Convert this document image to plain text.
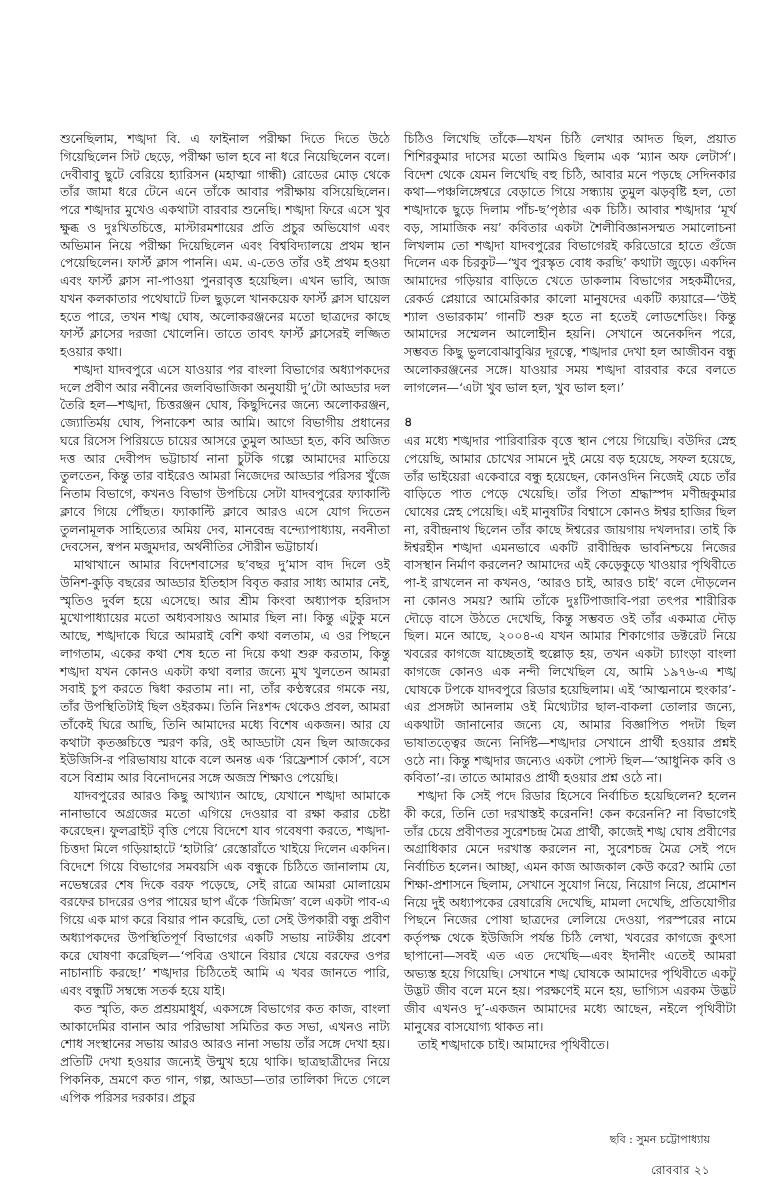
শুনেছিলাম, শঙ্খদা বি. এ ফাইনাল পরীক্ষা দিতে দিতে উঠে গিয়েছিলেন সিট ছেড়ে, পরীক্ষা ভাল হবে না ধরে নিয়েছিলেন বলে। দেবীবাবু ছুটে বেরিয়ে হ্যারিসন (মহাত্মা গান্ধী) রোডের মোড় থেকে তাঁর জামা ধরে টেনে এনে তাঁকে আবার পরীক্ষায় বসিয়েছিলেন। পরে শঙ্খদার মুখেও একথাটা বারবার শুনেছি। শঙ্খদা ফিরে এসে খুব ক্ষুব্ধ ও দুঃখিতচিত্তে, মাস্টারমশায়ের প্রতি প্রচুর অভিযোগ এবং অভিমান নিয়ে পরীক্ষা দিয়েছিলেন এবং বিশ্ববিদ্যালয়ে প্রথম স্থান পেয়েছিলেন। ফার্স্ট ক্লাস পাননি। এম. এ-তেও তাঁর ওই প্রথম হওয়া এবং ফার্স্ট ক্লাস না-পাওয়া পুনরাবৃত্ত হয়েছিল। এখন ভাবি, আজ যখন কলকাতার পথেঘাটে ঢিল ছুড়লে খানকয়েক ফার্স্ট ক্লাস ঘায়েল হতে পারে, তখন শঙ্খ ঘোষ, অলোকরঞ্জনের মতো ছাত্রদের কাছে ফার্স্ট ক্লাসের দরজা খোলেনি। তাতে তাবৎ ফার্স্ট ক্লাসেরই লজ্জিত হওয়ার কথা।

শঙ্খদা যাদবপুরে এসে যাওয়ার পর বাংলা বিভাগের অধ্যাপকদের দলে প্রবীণ আর নবীনের জলবিভাজিকা অনুযায়ী দু’টো আড্ডার দল তৈরি হল—শঙ্খদা, চিত্তরঞ্জন ঘোষ, কিছুদিনের জন্যে অলোকরঞ্জন, জ্যোতির্ময় ঘোষ, পিনাকেশ আর আমি। আগে বিভাগীয় প্রধানের ঘরে রিসেস পিরিয়ডে চায়ের আসরে তুমুল আড্ডা হত, কবি অজিত দত্ত আর দেবীপদ ভট্টাচার্য নানা চুটকি গল্পে আমাদের মাতিয়ে তুলতেন, কিন্তু তার বাইরেও আমরা নিজেদের আড্ডার পরিসর খুঁজে নিতাম বিভাগে, কখনও বিভাগ উপচিয়ে সেটা যাদবপুরের ফ্যাকাল্টি ক্লাবে গিয়ে পৌঁছত। ফ্যাকাল্টি ক্লাবে আরও এসে যোগ দিতেন তুলনামূলক সাহিত্যের অমিয় দেব, মানবেন্দ্র বন্দ্যোপাধ্যায়, নবনীতা দেবসেন, স্বপন মজুমদার, অর্থনীতির সৌরীন ভট্টাচার্য।

মাথাখানে আমার বিদেশবাসের ছ’বছর দু’মাস বাদ দিলে ওই উনিশ-কুড়ি বছরের আড্ডার ইতিহাস বিবৃত করার সাধ্য আমার নেই, স্মৃতিও দুর্বল হয়ে এসেছে। আর শ্রীম কিংবা অধ্যাপক হরিদাস মুখোপাধ্যায়ের মতো অধ্যবসায়ও আমার ছিল না। কিন্তু এটুকু মনে আছে, শঙ্খদাকে ঘিরে আমরাই বেশি কথা বলতাম, এ ওর পিছনে লাগতাম, একের কথা শেষ হতে না দিয়ে কথা শুরু করতাম, কিন্তু শঙ্খদা যখন কোনও একটা কথা বলার জন্যে মুখ খুলতেন আমরা সবাই চুপ করতে দ্বিধা করতাম না। না, তাঁর কণ্ঠস্বরের গমকে নয়, তাঁর উপস্থিতিটাই ছিল ওইরকম। তিনি নিঃশব্দ থেকেও প্রবল, আমরা তাঁকেই ঘিরে আছি, তিনি আমাদের মধ্যে বিশেষ একজন। আর যে কথাটা কৃতজ্ঞচিত্তে স্মরণ করি, ওই আড্ডাটা যেন ছিল আজকের ইউজিসি-র পরিভাষায় যাকে বলে অনন্ত এক ‘রিফ্রেশার্স কোর্স’, বসে বসে বিশ্রাম আর বিনোদনের সঙ্গে অজস্র শিক্ষাও পেয়েছি।

যাদবপুরের আরও কিছু আখ্যান আছে, যেখানে শঙ্খদা আমাকে নানাভাবে অগ্রজের মতো এগিয়ে দেওয়ার বা রক্ষা করার চেষ্টা করেছেন। ফুলব্রাইট বৃত্তি পেয়ে বিদেশে যাব গবেষণা করতে, শঙ্খদা-চিত্তদা মিলে গড়িয়াহাটে ‘হাটারি’ রেস্তোরাঁতে খাইয়ে দিলেন একদিন। বিদেশে গিয়ে বিভাগের সমবয়সি এক বন্ধুকে চিঠিতে জানালাম যে, নভেম্বরের শেষ দিকে বরফ পড়েছে, সেই রাত্রে আমরা মোলায়েম বরফের চাদরের ওপর পায়ের ছাপ এঁকে ‘জিমিজ’ বলে একটা পাব-এ গিয়ে এক মাগ করে বিয়ার পান করেছি, তো সেই উপকারী বন্ধু প্রবীণ অধ্যাপকদের উপস্থিতিপূর্ণ বিভাগের একটি সভায় নাটকীয় প্রবেশ করে ঘোষণা করেছিল—‘পবিত্র ওখানে বিয়ার খেয়ে বরফের ওপর নাচানাচি করছে!’ শঙ্খদার চিঠিতেই আমি এ খবর জানতে পারি, এবং বন্ধুটি সম্বন্ধে সতর্ক হয়ে যাই।

কত স্মৃতি, কত প্রশ্রয়মাধুর্য, একসঙ্গে বিভাগের কত কাজ, বাংলা আকাদেমির বানান আর পরিভাষা সমিতির কত সভা, এখনও নাট্য শোধ সংস্থানের সভায় আরও আরও নানা সভায় তাঁর সঙ্গে দেখা হয়। প্রতিটি দেখা হওয়ার জন্যেই উন্মুখ হয়ে থাকি। ছাত্রছাত্রীদের নিয়ে পিকনিক, ভ্রমণে কত গান, গল্প, আড্ডা—তার তালিকা দিতে গেলে এপিক পরিসর দরকার। প্রচুর

চিঠিও লিখেছি তাঁকে—যখন চিঠি লেখার আদত ছিল, প্রয়াত শিশিরকুমার দাসের মতো আমিও ছিলাম এক ‘ম্যান অফ লেটার্স’। বিদেশ থেকে যেমন লিখেছি বহু চিঠি, আবার মনে পড়ছে সেদিনকার কথা—পঞ্চলিঙ্গেশ্বরে বেড়াতে গিয়ে সন্ধ্যায় তুমুল ঝড়বৃষ্টি হল, তো শঙ্খদাকে ছুড়ে দিলাম পাঁচ-ছ’পৃষ্ঠার এক চিঠি। আবার শঙ্খদার ‘মূর্খ বড়, সামাজিক নয়’ কবিতার একটা শৈলীবিজ্ঞানসম্মত সমালোচনা লিখলাম তো শঙ্খদা যাদবপুরের বিভাগেরই করিডোরে হাতে গুঁজে দিলেন এক চিরকুট—‘খুব পুরস্কৃত বোধ করছি’ কথাটা জুড়ে। একদিন আমাদের গড়িয়ার বাড়িতে খেতে ডাকলাম বিভাগের সহকর্মীদের, রেকর্ড প্লেয়ারে আমেরিকার কালো মানুষদের একটি ক্যয়ারে—‘উই শ্যাল ওভারকাম’ গানটি শুরু হতে না হতেই লোডশেডিং। কিন্তু আমাদের সম্মেলন আলোহীন হয়নি। সেখানে অনেকদিন পরে, সম্ভবত কিছু ভুলবোঝাবুঝির দূরত্বে, শঙ্খদার দেখা হল আজীবন বন্ধু অলোকরঞ্জনের সঙ্গে। যাওয়ার সময় শঙ্খদা বারবার করে বলতে লাগলেন—‘এটা খুব ভাল হল, খুব ভাল হল।’

৪

এর মধ্যে শঙ্খদার পারিবারিক বৃত্তে স্থান পেয়ে গিয়েছি। বউদির স্নেহ পেয়েছি, আমার চোখের সামনে দুই মেয়ে বড় হয়েছে, সফল হয়েছে, তাঁর ভাইয়েরা একেবারে বন্ধু হয়েছেন, কোনওদিন নিজেই যেচে তাঁর বাড়িতে পাত পেড়ে খেয়েছি। তাঁর পিতা শ্রদ্ধাস্পদ মণীন্দ্রকুমার ঘোষের স্নেহ পেয়েছি। এই মানুষটির বিশ্বাসে কোনও ঈশ্বর হাজির ছিল না, রবীন্দ্রনাথ ছিলেন তাঁর কাছে ঈশ্বরের জায়গায় দখলদার। তাই কি ঈশ্বরহীন শঙ্খদা এমনভাবে একটি রাবীন্দ্রিক ভাবনিশ্চয়ে নিজের বাসস্থান নির্মাণ করলেন? আমাদের এই কেড়েকুড়ে খাওয়ার পৃথিবীতে পা-ই রাখলেন না কখনও, ‘আরও চাই, আরও চাই’ বলে দৌড়লেন না কোনও সময়? আমি তাঁকে দুঃটিপাজাবি-পরা তৎপর শারীরিক দৌড়ে বাসে উঠতে দেখেছি, কিন্তু সম্ভবত ওই তাঁর একমাত্র দৌড় ছিল। মনে আছে, ২০০৪-এ যখন আমার শিকাগোর ডক্টরেট নিয়ে খবরের কাগজে যাচ্ছেতাই হুল্লোড় হয়, তখন একটা চ্যাংড়া বাংলা কাগজে কোনও এক নন্দী লিখেছিল যে, আমি ১৯৭৬-এ শঙ্খ ঘোষকে টপকে যাদবপুরে রিডার হয়েছিলাম। এই ‘আত্মনামে হুংকার’-এর প্রসঙ্গটা আনলাম ওই মিথ্যেটার ছাল-বাকলা তোলার জন্যে, একথাটা জানানোর জন্যে যে, আমার বিজ্ঞাপিত পদটা ছিল ভাষাতত্ত্বের জন্যে নির্দিষ্ট—শঙ্খদার সেখানে প্রার্থী হওয়ার প্রশ্নই ওঠে না। কিন্তু শঙ্খদার জন্যেও একটা পোস্ট ছিল—‘আধুনিক কবি ও কবিতা’-র। তাতে আমারও প্রার্থী হওয়ার প্রশ্ন ওঠে না।

শঙ্খদা কি সেই পদে রিডার হিসেবে নির্বাচিত হয়েছিলেন? হলেন কী করে, তিনি তো দরখাস্তই করেননি! কেন করেননি? না বিভাগেই তাঁর চেয়ে প্রবীণতর সুরেশচন্দ্র মৈত্র প্রার্থী, কাজেই শঙ্খ ঘোষ প্রবীণের অগ্রাধিকার মেনে দরখাস্ত করলেন না, সুরেশচন্দ্র মৈত্র সেই পদে নির্বাচিত হলেন। আচ্ছা, এমন কাজ আজকাল কেউ করে? আমি তো শিক্ষা-প্রশাসনে ছিলাম, সেখানে সুযোগ নিয়ে, নিয়োগ নিয়ে, প্রমোশন নিয়ে দুই অধ্যাপকের রেষারেষি দেখেছি, মামলা দেখেছি, প্রতিযোগীর পিছনে নিজের পোষা ছাত্রদের লেলিয়ে দেওয়া, পরস্পরের নামে কর্তৃপক্ষ থেকে ইউজিসি পর্যন্ত চিঠি লেখা, খবরের কাগজে কুৎসা ছাপানো—সবই এত এত দেখেছি—এবং ইদানীং এতেই আমরা অভ্যস্ত হয়ে গিয়েছি। সেখানে শঙ্খ ঘোষকে আমাদের পৃথিবীতে একটু উদ্ভট জীব বলে মনে হয়। পরক্ষণেই মনে হয়, ভাগ্যিস এরকম উদ্ভট জীব এখনও দু’-একজন আমাদের মধ্যে আছেন, নইলে পৃথিবীটা মানুষের বাসযোগ্য থাকত না।

তাই শঙ্খদাকে চাই। আমাদের পৃথিবীতে।

ছবি : সুমন চট্টোপাধ্যায়
রোববার ২১
